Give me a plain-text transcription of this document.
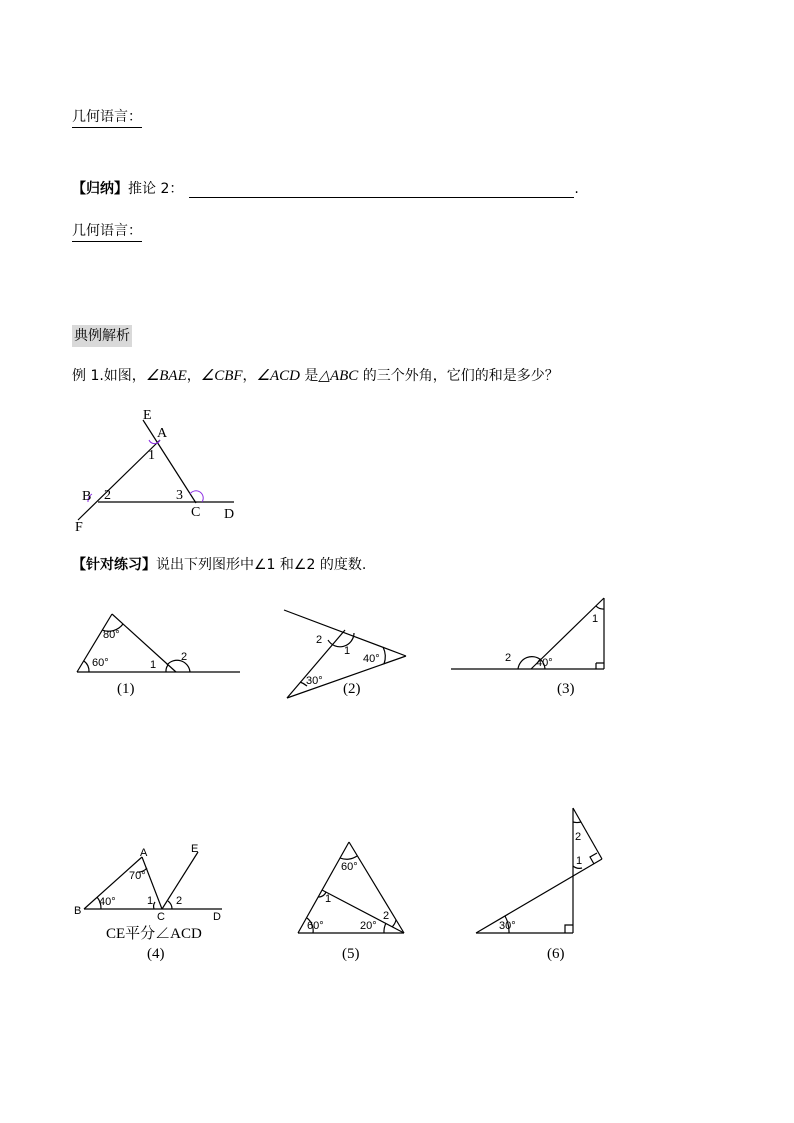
几何语言：
【归纳】推论 2：	.
几何语言：
典例解析
例 1.如图，∠BAE，∠CBF，∠ACD 是△ABC 的三个外角，它们的和是多少？
E
A
1
B 2	3
C D
F
【针对练习】说出下列图形中∠1 和∠2 的度数.
80°
60°	1
2
(1)
2
1
40°
30° (2)
1
2 40°
(3)
A	E
70°
40°	1 2
B	C	D
CE平分∠ACD
(4)
60°
1
2
60°	20°
(5)
2
1
30°
(6)
